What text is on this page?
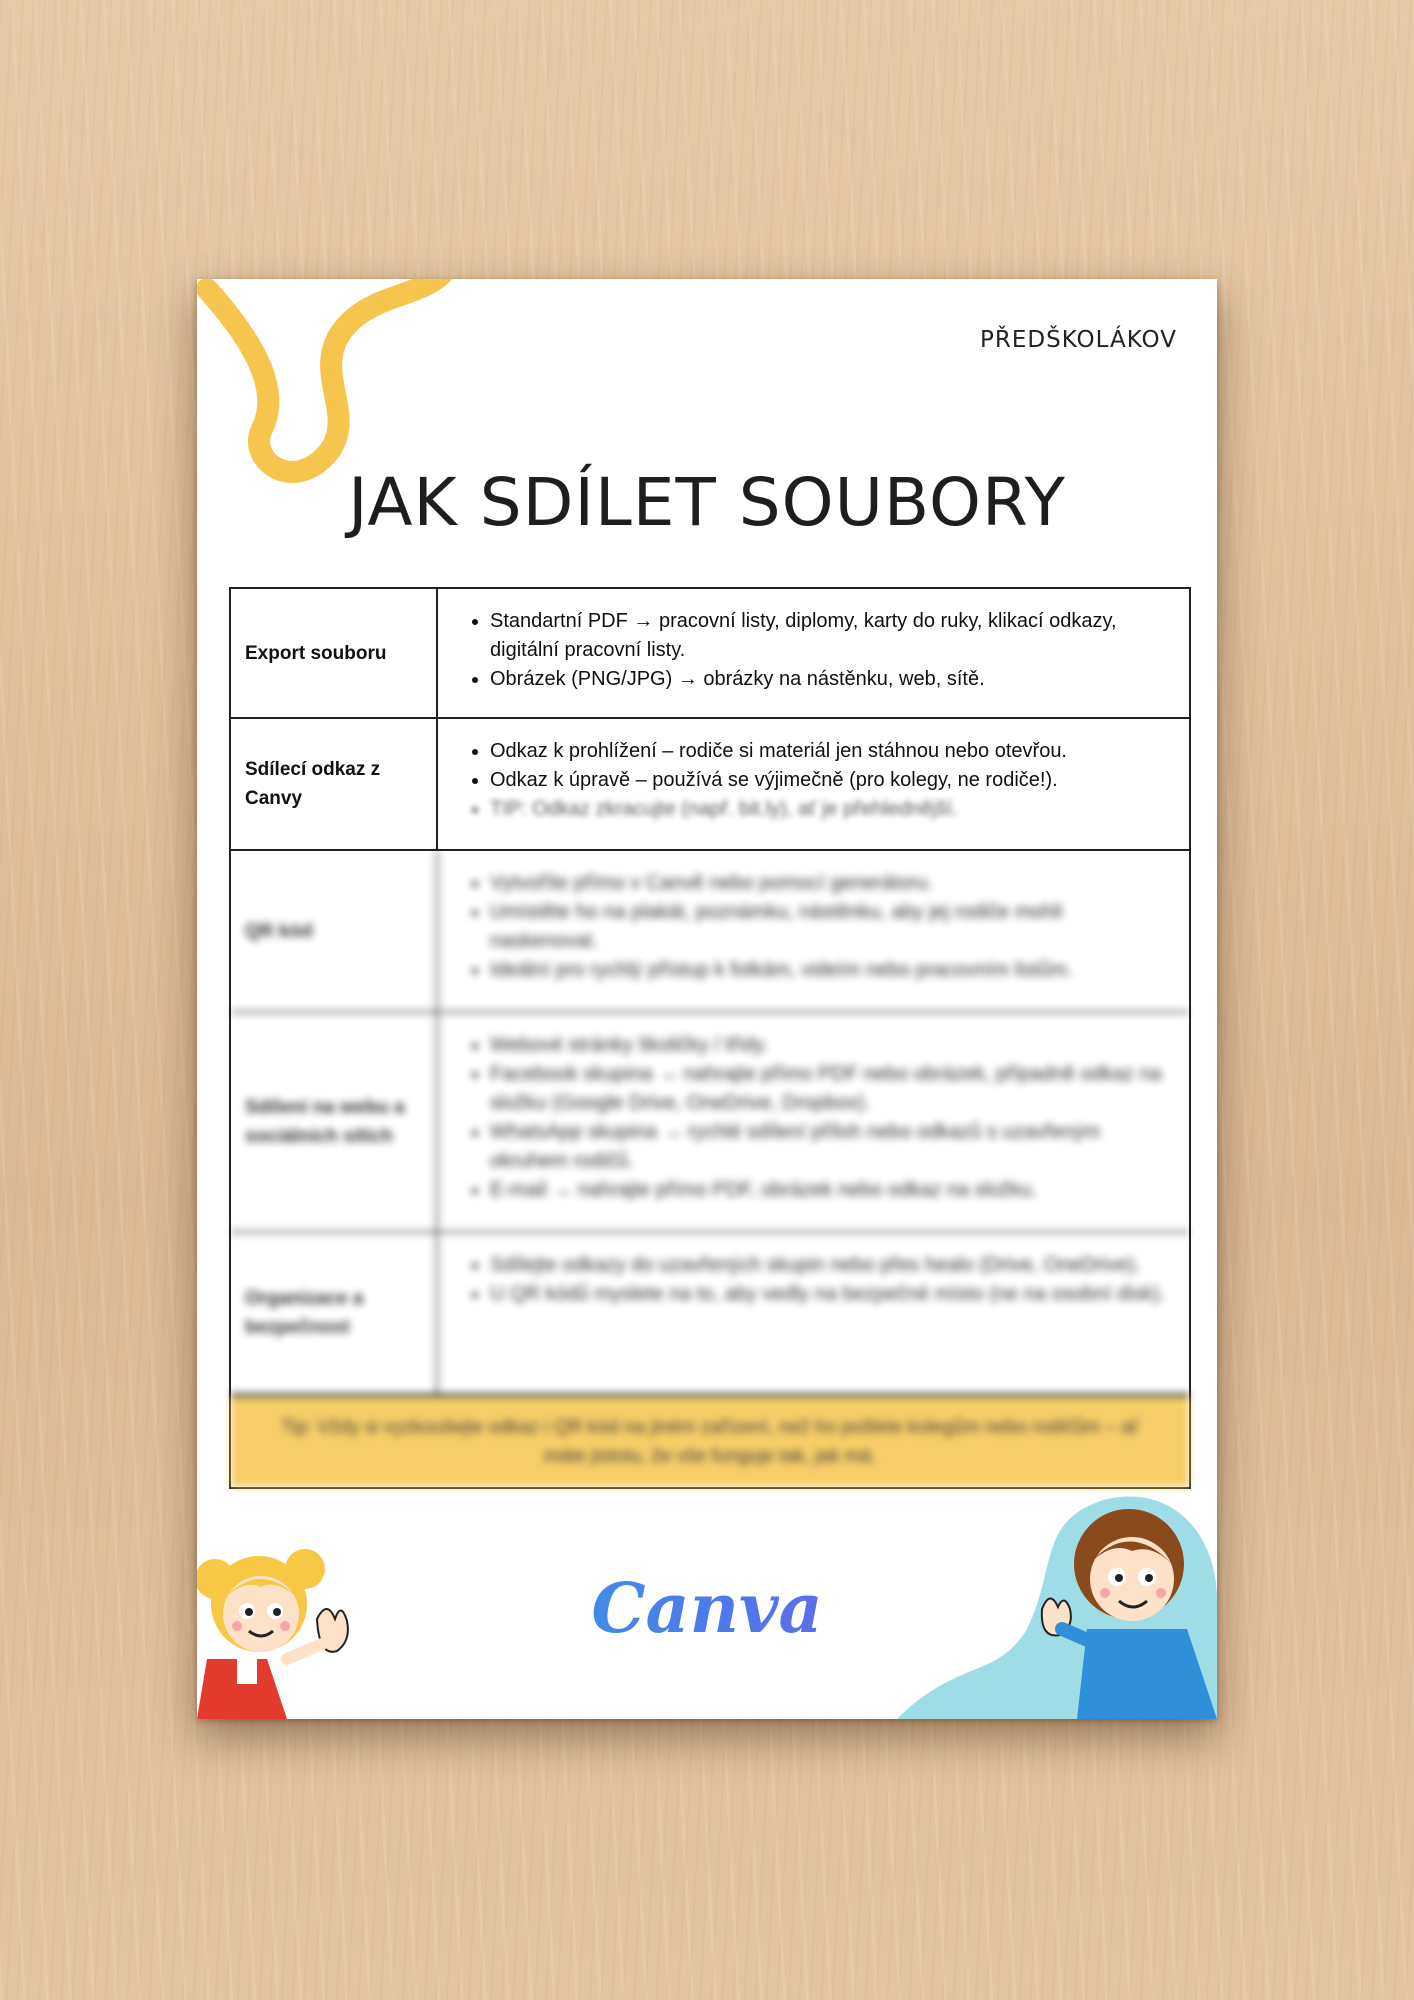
PŘEDŠKOLÁKOV
JAK SDÍLET SOUBORY
Export souboru
• Standartní PDF → pracovní listy, diplomy, karty do ruky, klikací odkazy, digitální pracovní listy.
• Obrázek (PNG/JPG) → obrázky na nástěnku, web, sítě.
Sdílecí odkaz z Canvy
• Odkaz k prohlížení – rodiče si materiál jen stáhnou nebo otevřou.
• Odkaz k úpravě – používá se výjimečně (pro kolegy, ne rodiče!).
• TIP: Odkaz zkracujte (např. bit.ly), ať je přehlednější.
QR kód
• Vytvoříte přímo v Canvě nebo pomocí generátoru.
• Umístěte ho na plakát, poznámku, nástěnku, aby jej rodiče mohli naskenovat.
• Ideální pro rychlý přístup k fotkám, videím nebo pracovním listům.
Sdílení na webu a sociálních sítích
• Webové stránky školičky / třídy.
• Facebook skupina → nahrajte přímo PDF nebo obrázek, případně odkaz na složku (Google Drive, OneDrive, Dropbox).
• WhatsApp skupina → rychlé sdílení příloh nebo odkazů s uzavřeným okruhem rodičů.
• E-mail → nahrajte přímo PDF, obrázek nebo odkaz na složku.
Organizace a bezpečnost
• Sdílejte odkazy do uzavřených skupin nebo přes healo (Drive, OneDrive).
• U QR kódů myslete na to, aby vedly na bezpečné místo (ne na osobní disk).
Tip: Vždy si vyzkoušejte odkaz i QR kód na jiném zařízení, než ho pošlete kolegům nebo rodičům – ať máte jistotu, že vše funguje tak, jak má.
Canva
